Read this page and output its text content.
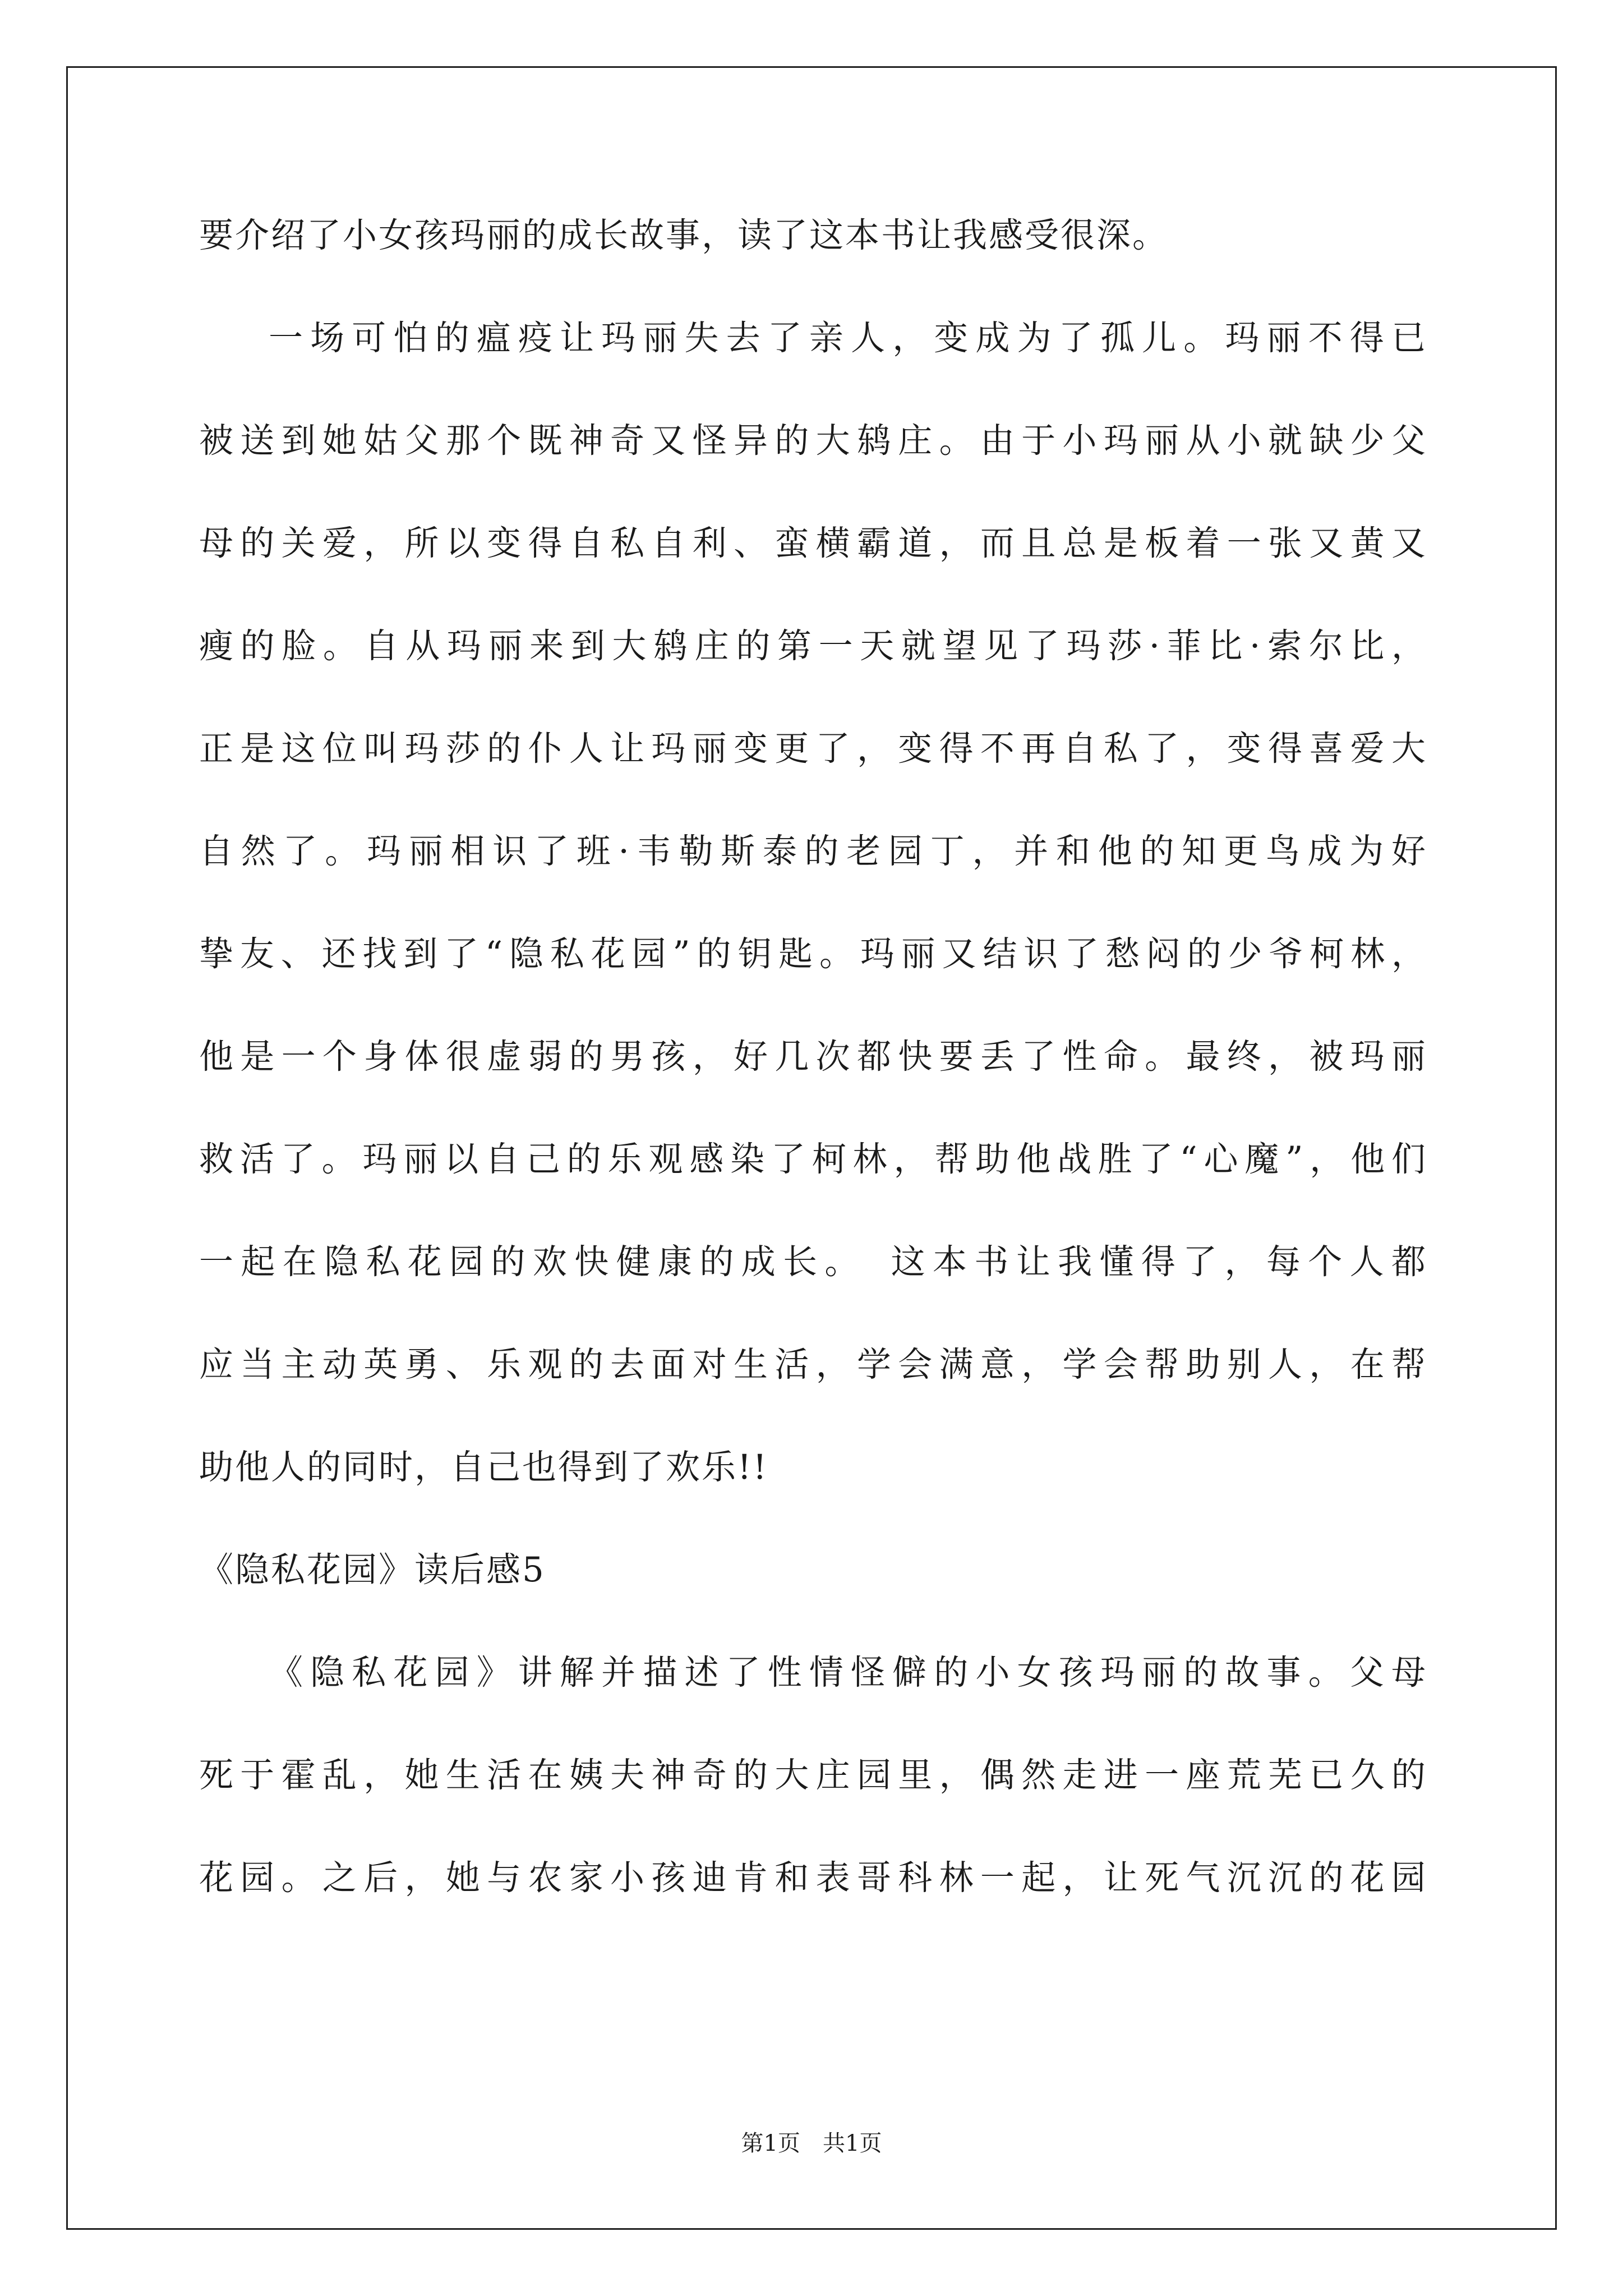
要介绍了小女孩玛丽的成长故事，读了这本书让我感受很深。
一场可怕的瘟疫让玛丽失去了亲人，变成为了孤儿。玛丽不得已
被送到她姑父那个既神奇又怪异的大鸫庄。由于小玛丽从小就缺少父
母的关爱，所以变得自私自利、蛮横霸道，而且总是板着一张又黄又
瘦的脸。自从玛丽来到大鸫庄的第一天就望见了玛莎·菲比·索尔比，
正是这位叫玛莎的仆人让玛丽变更了，变得不再自私了，变得喜爱大
自然了。玛丽相识了班·韦勒斯泰的老园丁，并和他的知更鸟成为好
挚友、还找到了“隐私花园”的钥匙。玛丽又结识了愁闷的少爷柯林，
他是一个身体很虚弱的男孩，好几次都快要丢了性命。最终，被玛丽
救活了。玛丽以自己的乐观感染了柯林，帮助他战胜了“心魔”，他们
一起在隐私花园的欢快健康的成长。　这本书让我懂得了，每个人都
应当主动英勇、乐观的去面对生活，学会满意，学会帮助别人，在帮
助他人的同时，自己也得到了欢乐!!
《隐私花园》读后感5
《隐私花园》讲解并描述了性情怪僻的小女孩玛丽的故事。父母
死于霍乱，她生活在姨夫神奇的大庄园里，偶然走进一座荒芜已久的
花园。之后，她与农家小孩迪肯和表哥科林一起，让死气沉沉的花园
第1页　共1页
